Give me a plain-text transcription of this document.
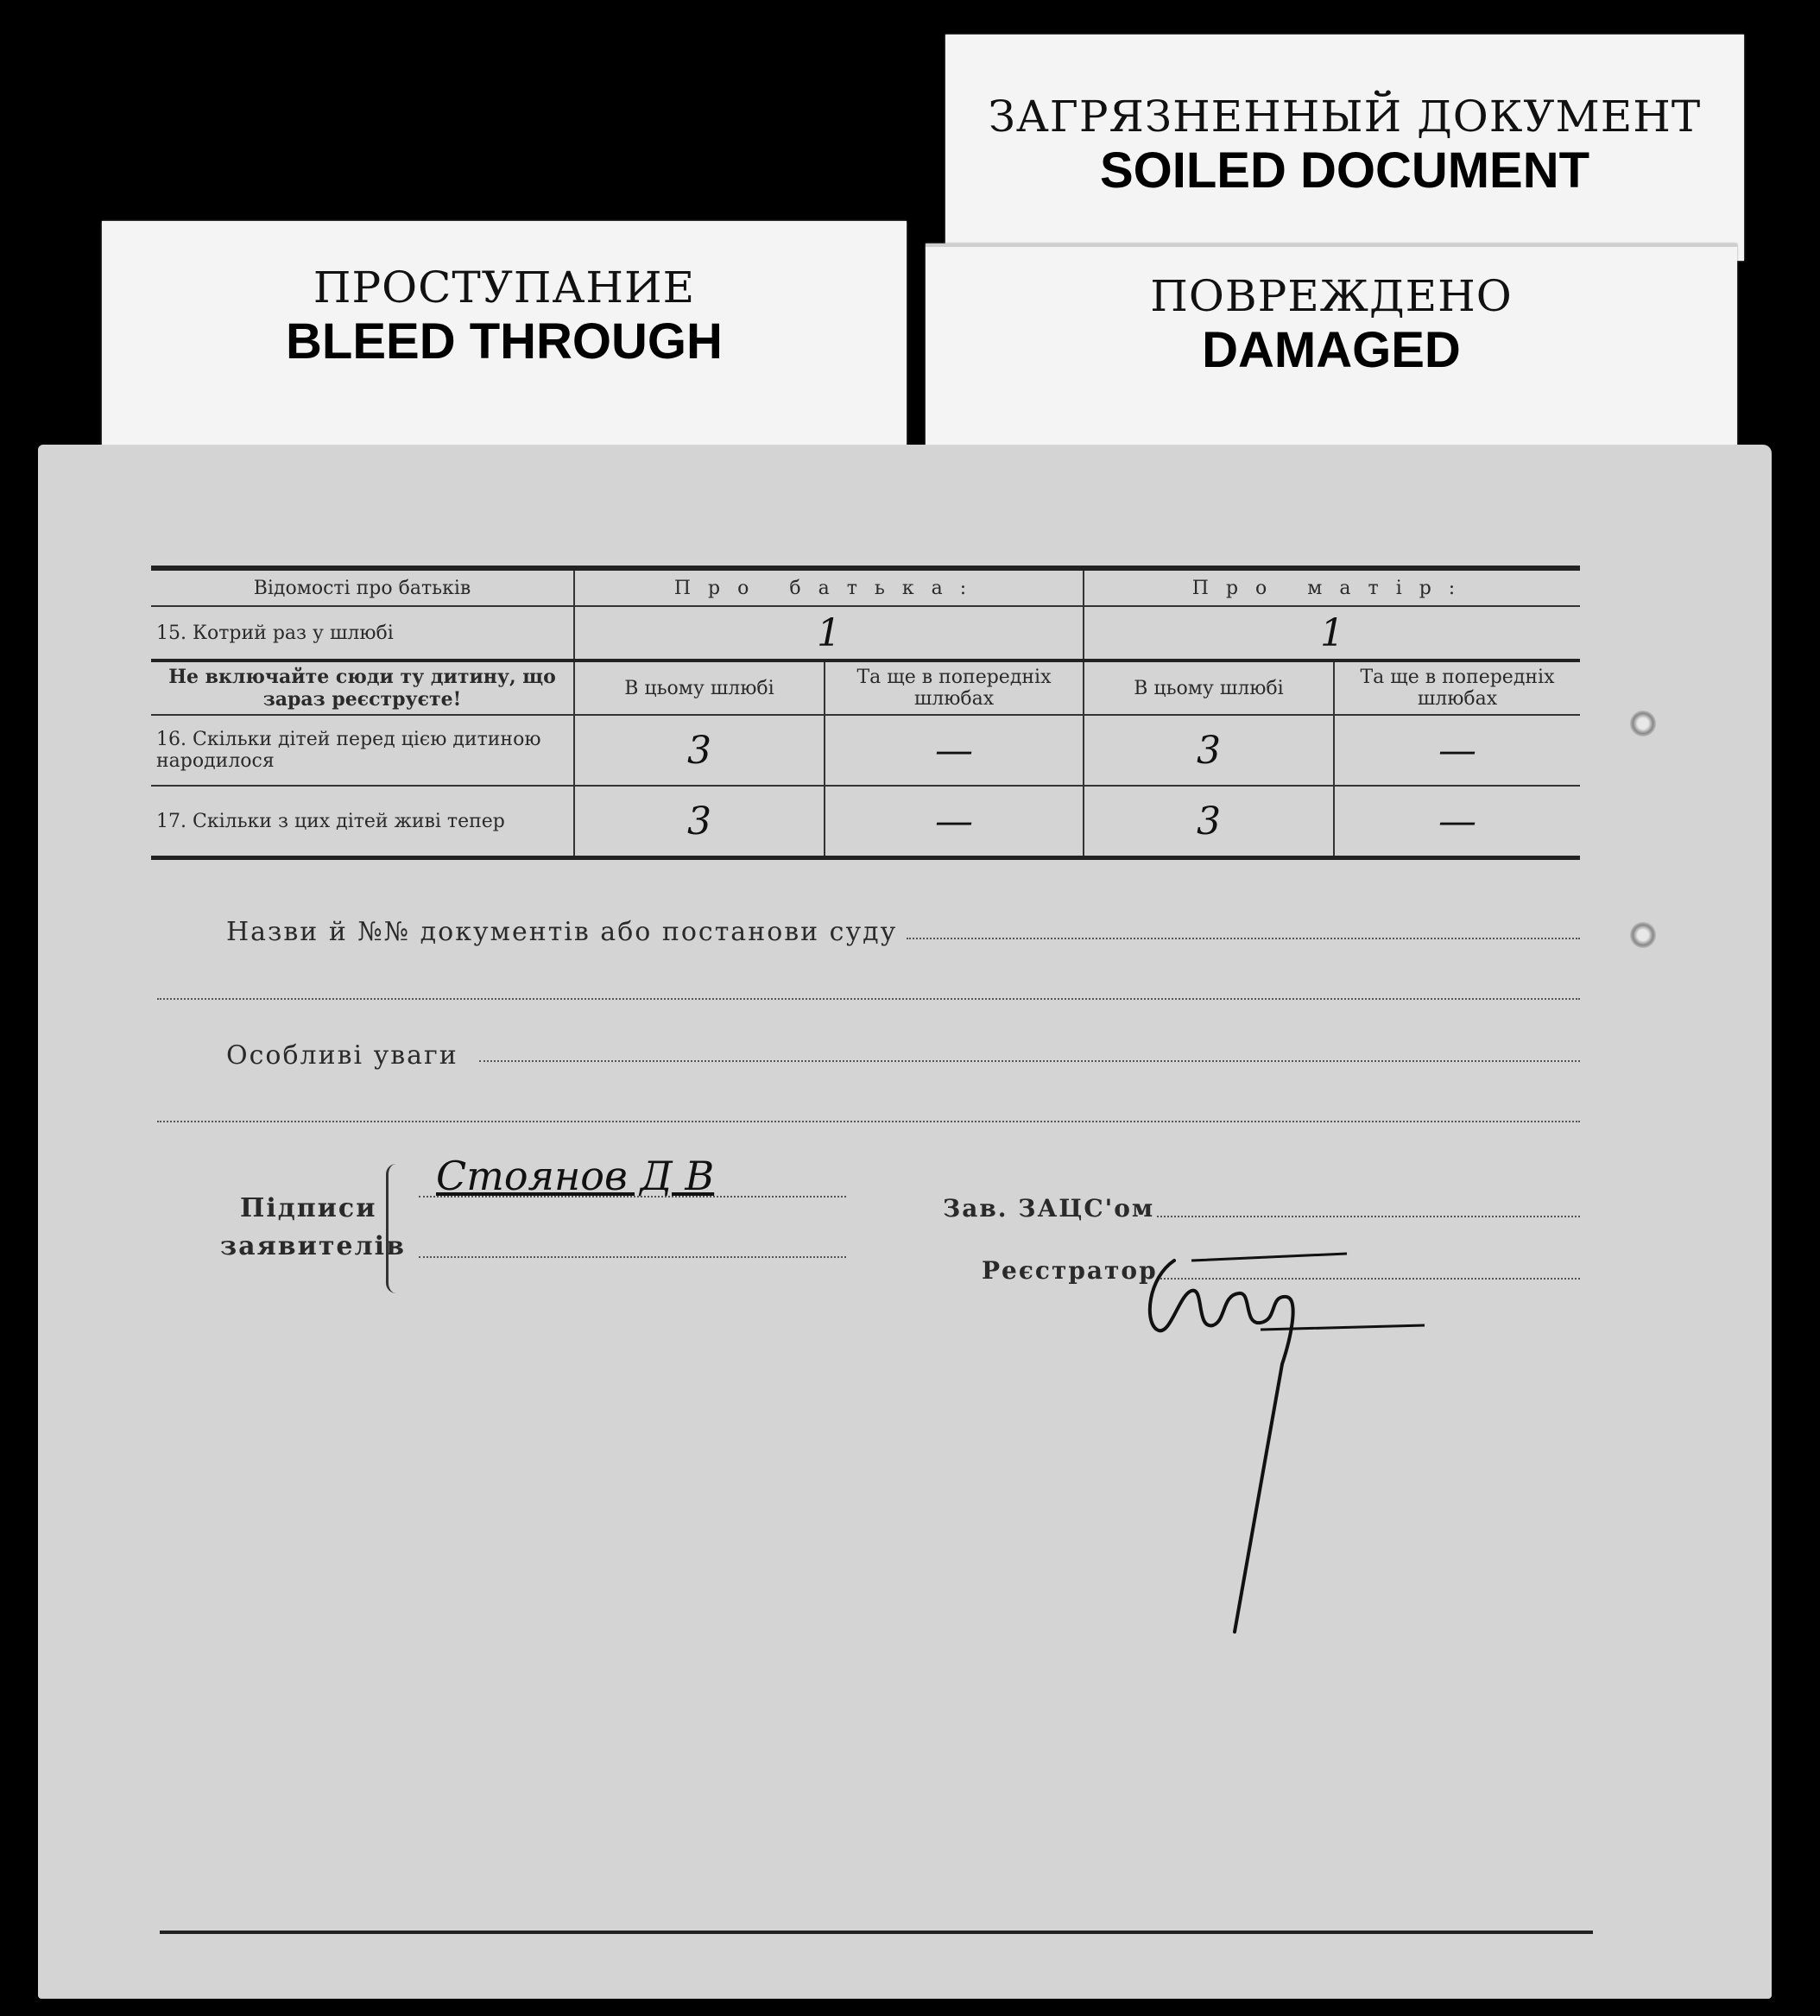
ПРОСТУПАНИЕ
BLEED THROUGH
ЗАГРЯЗНЕННЫЙ ДОКУМЕНТ
SOILED DOCUMENT
ПОВРЕЖДЕНО
DAMAGED
Відомості про батьків	Про батька:		Про матір:	
15. Котрий раз у шлюбі	1		1	
Не включайте сюди ту дитину, що зараз реєструєте!	В цьому шлюбі	Та ще в попередніх шлюбах	В цьому шлюбі	Та ще в попередніх шлюбах
16. Скільки дітей перед цією дитиною народилося	3	—	3	—
17. Скільки з цих дітей живі тепер	3	—	3	—
Назви й №№ документів або постанови суду
Особливі уваги
Підписи
заявителів
Стоянов Д В
Зав. ЗАЦС'ом
Реєстратор
